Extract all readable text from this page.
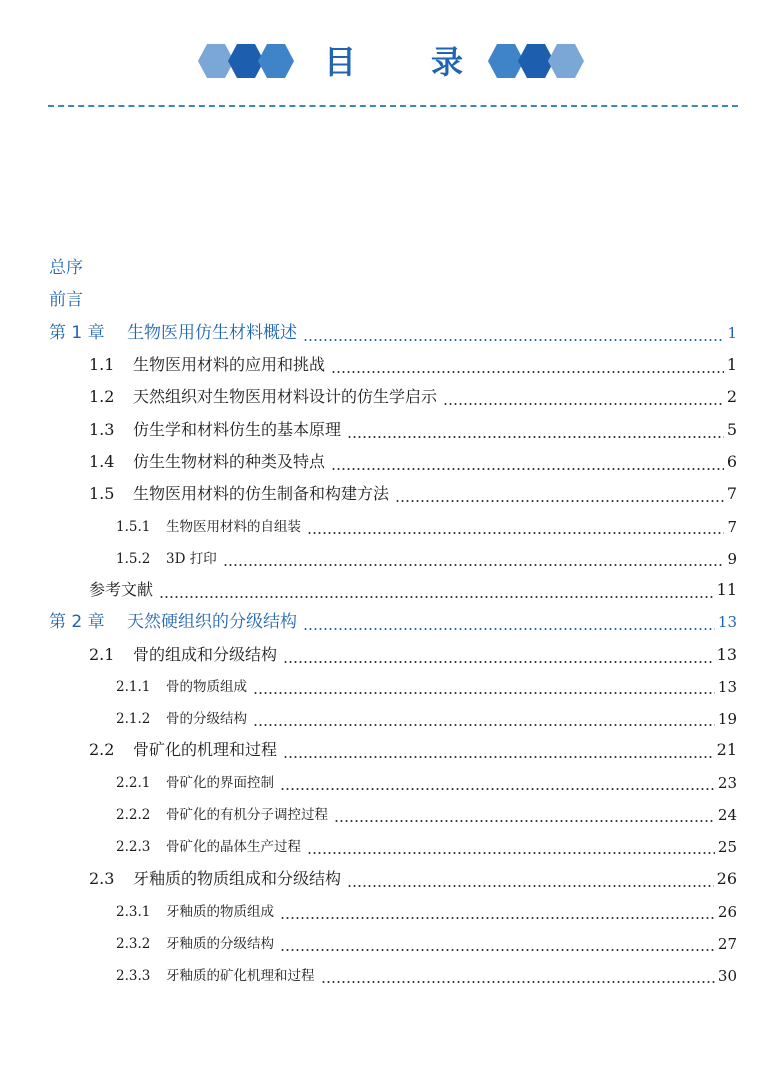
目 录
总序
前言
第 1 章	生物医用仿生材料概述	1
1.1	生物医用材料的应用和挑战	1
1.2	天然组织对生物医用材料设计的仿生学启示	2
1.3	仿生学和材料仿生的基本原理	5
1.4	仿生生物材料的种类及特点	6
1.5	生物医用材料的仿生制备和构建方法	7
1.5.1	生物医用材料的自组装	7
1.5.2	3D 打印	9
参考文献	11
第 2 章	天然硬组织的分级结构	13
2.1	骨的组成和分级结构	13
2.1.1	骨的物质组成	13
2.1.2	骨的分级结构	19
2.2	骨矿化的机理和过程	21
2.2.1	骨矿化的界面控制	23
2.2.2	骨矿化的有机分子调控过程	24
2.2.3	骨矿化的晶体生产过程	25
2.3	牙釉质的物质组成和分级结构	26
2.3.1	牙釉质的物质组成	26
2.3.2	牙釉质的分级结构	27
2.3.3	牙釉质的矿化机理和过程	30
